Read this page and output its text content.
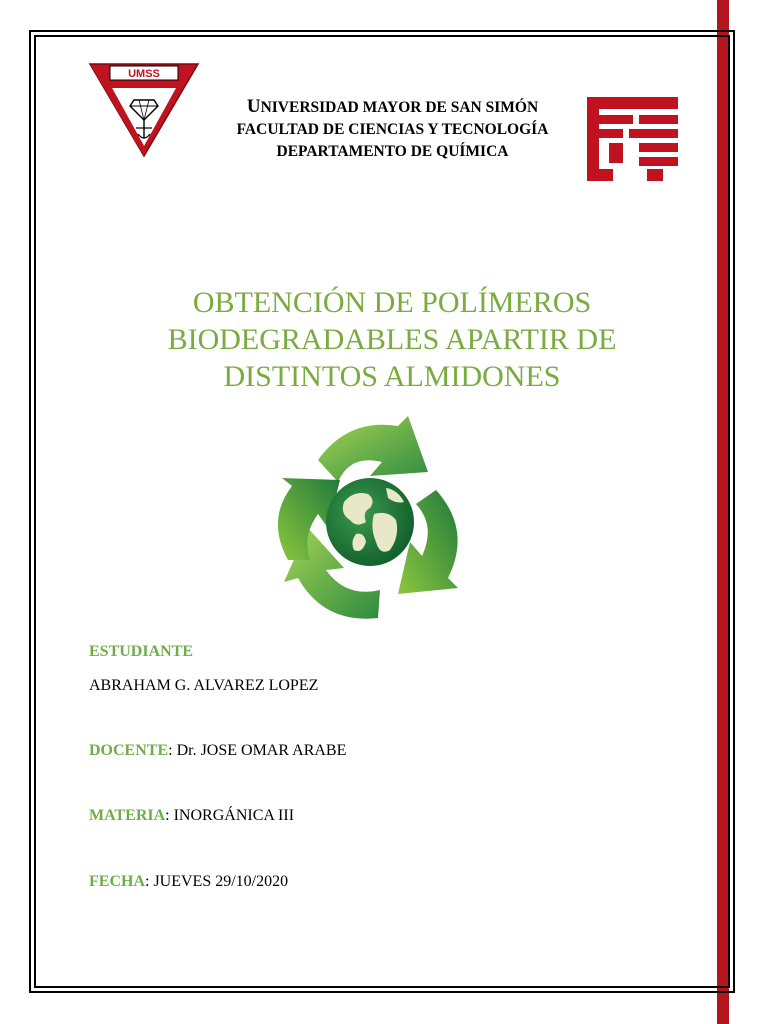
UMSS
UNIVERSIDAD MAYOR DE SAN SIMÓN
FACULTAD DE CIENCIAS Y TECNOLOGÍA
DEPARTAMENTO DE QUÍMICA
OBTENCIÓN DE POLÍMEROS
BIODEGRADABLES APARTIR DE
DISTINTOS ALMIDONES
ESTUDIANTE
ABRAHAM G. ALVAREZ LOPEZ
DOCENTE: Dr. JOSE OMAR ARABE
MATERIA: INORGÁNICA III
FECHA: JUEVES 29/10/2020
